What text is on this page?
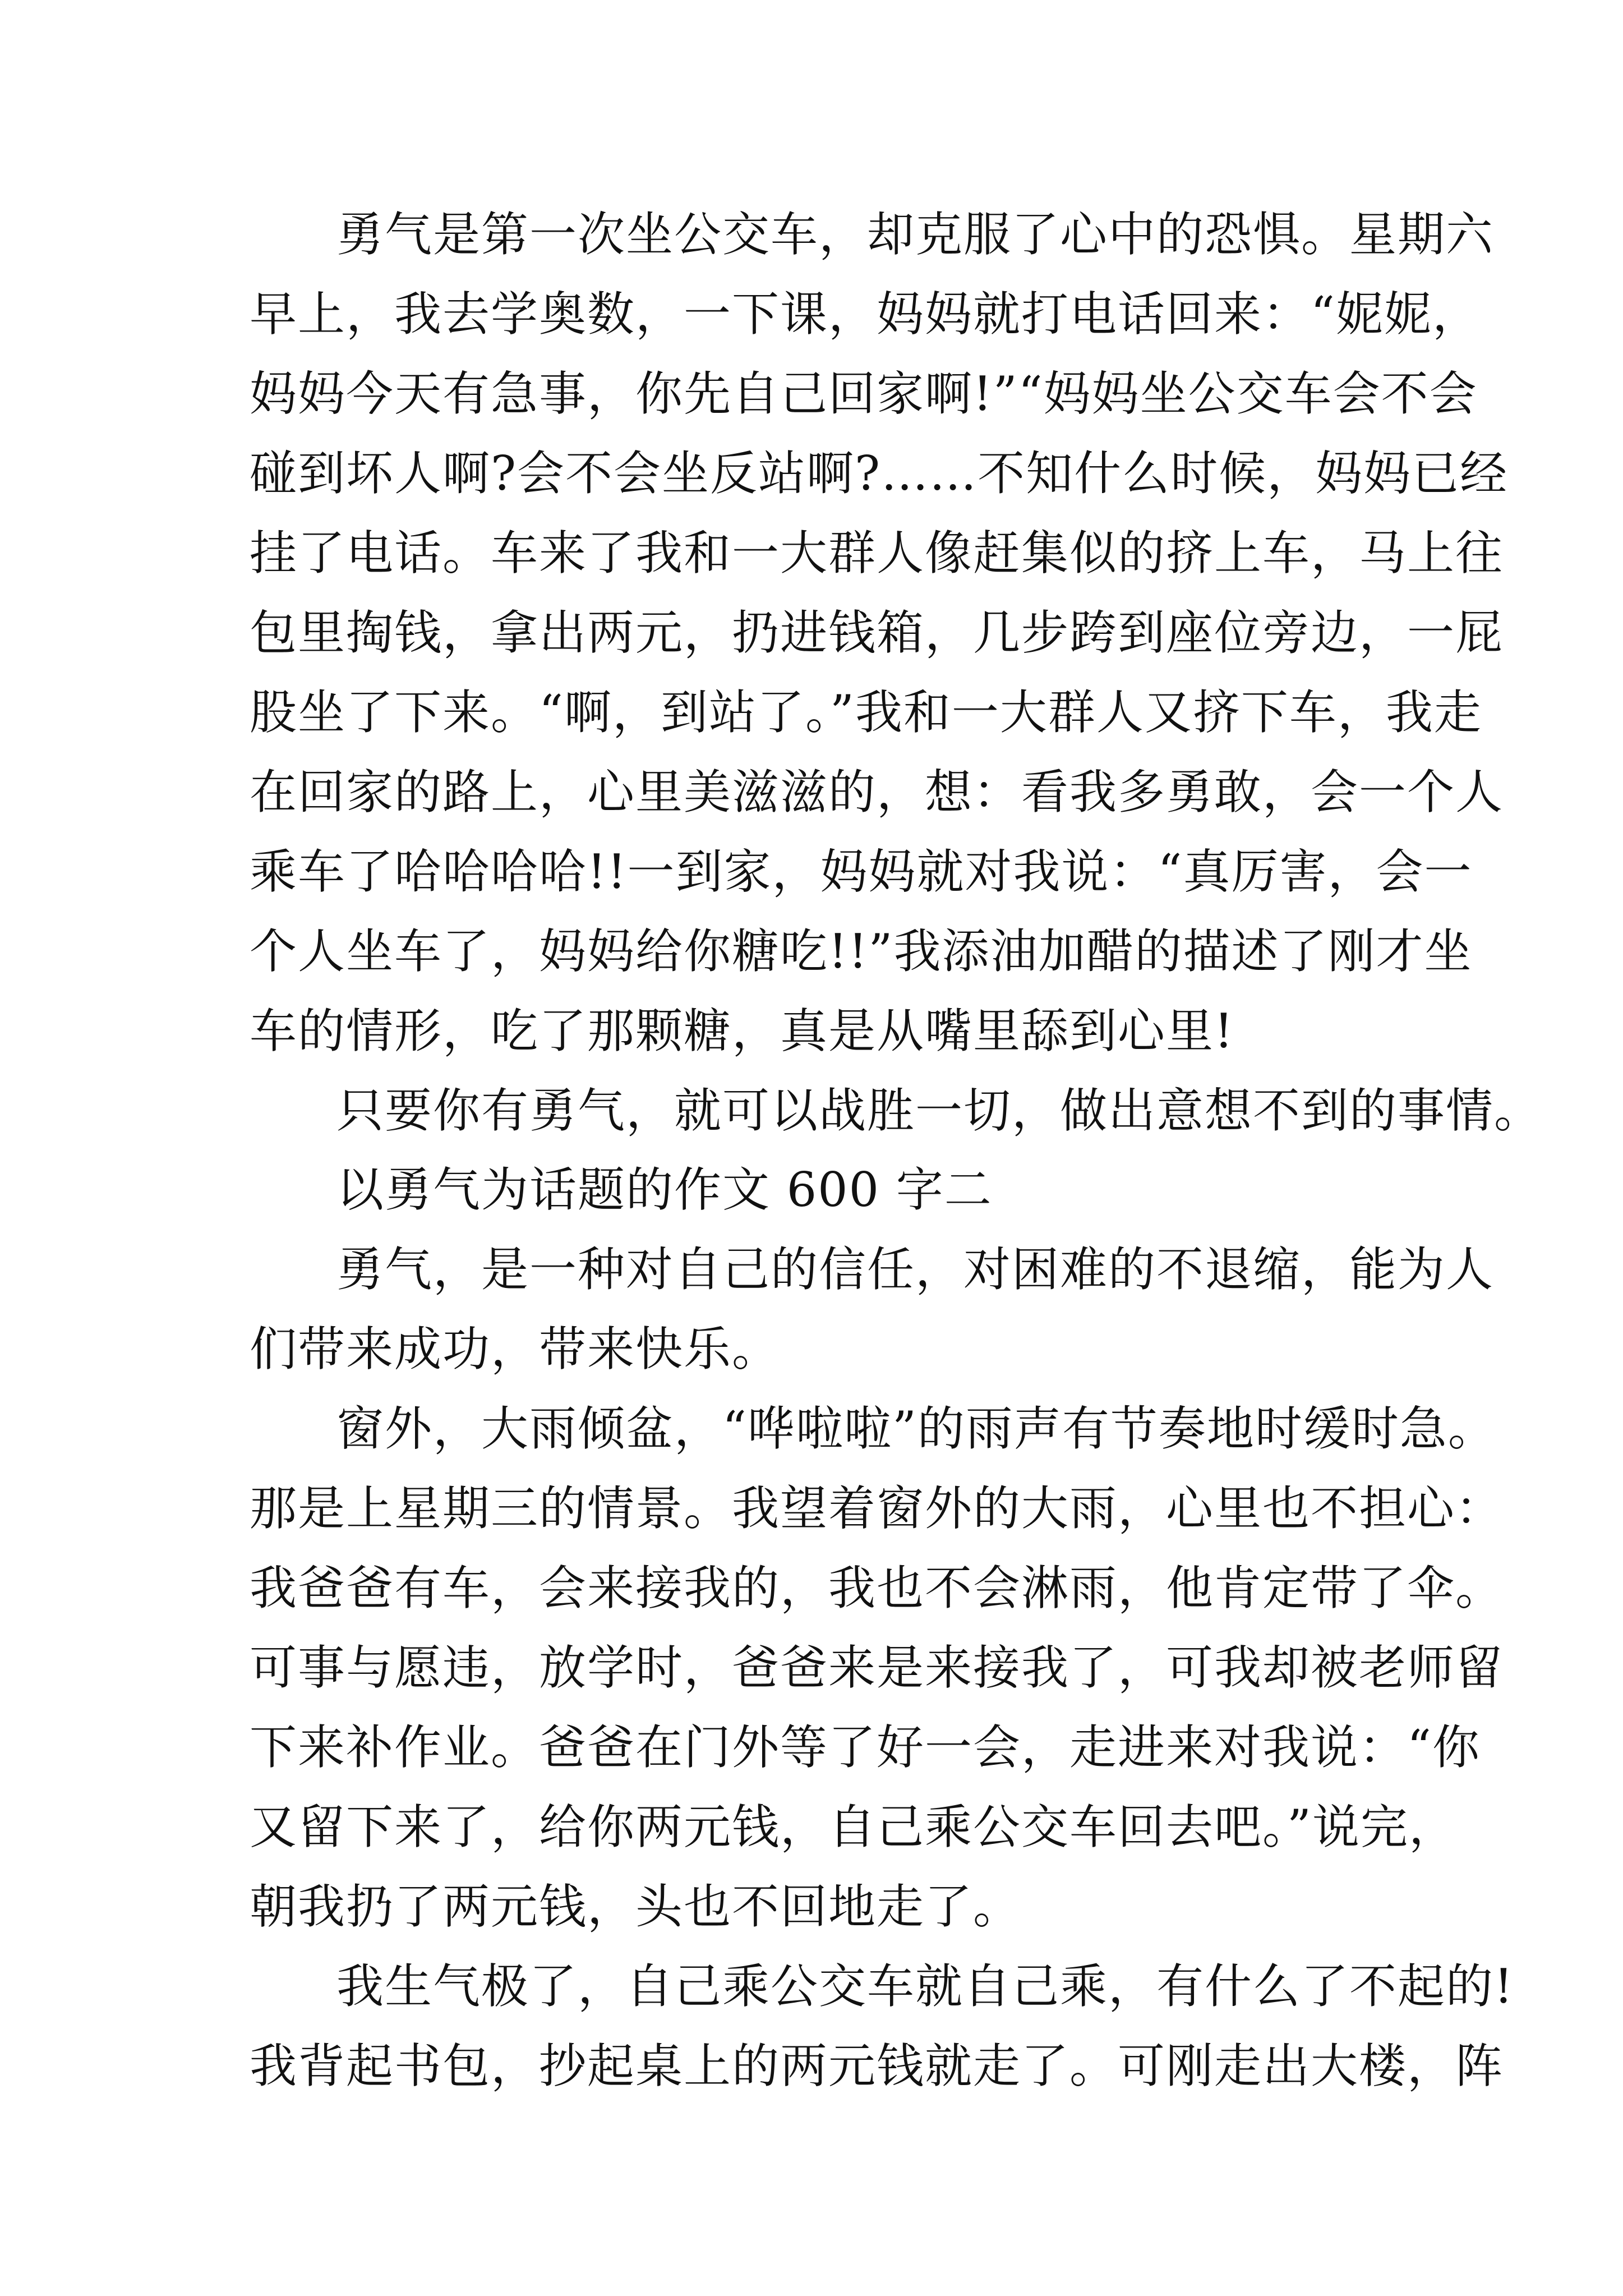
勇气是第一次坐公交车，却克服了心中的恐惧。星期六
早上，我去学奥数，一下课，妈妈就打电话回来：“妮妮，
妈妈今天有急事，你先自己回家啊!”“妈妈坐公交车会不会
碰到坏人啊?会不会坐反站啊?……不知什么时候，妈妈已经
挂了电话。车来了我和一大群人像赶集似的挤上车，马上往
包里掏钱，拿出两元，扔进钱箱，几步跨到座位旁边，一屁
股坐了下来。“啊，到站了。”我和一大群人又挤下车，我走
在回家的路上，心里美滋滋的，想：看我多勇敢，会一个人
乘车了哈哈哈哈!!一到家，妈妈就对我说：“真厉害，会一
个人坐车了，妈妈给你糖吃!!”我添油加醋的描述了刚才坐
车的情形，吃了那颗糖，真是从嘴里舔到心里!
只要你有勇气，就可以战胜一切，做出意想不到的事情。
以勇气为话题的作文 600 字二
勇气，是一种对自己的信任，对困难的不退缩，能为人
们带来成功，带来快乐。
窗外，大雨倾盆，“哗啦啦”的雨声有节奏地时缓时急。
那是上星期三的情景。我望着窗外的大雨，心里也不担心：
我爸爸有车，会来接我的，我也不会淋雨，他肯定带了伞。
可事与愿违，放学时，爸爸来是来接我了，可我却被老师留
下来补作业。爸爸在门外等了好一会，走进来对我说：“你
又留下来了，给你两元钱，自己乘公交车回去吧。”说完，
朝我扔了两元钱，头也不回地走了。
我生气极了，自己乘公交车就自己乘，有什么了不起的!
我背起书包，抄起桌上的两元钱就走了。可刚走出大楼，阵
